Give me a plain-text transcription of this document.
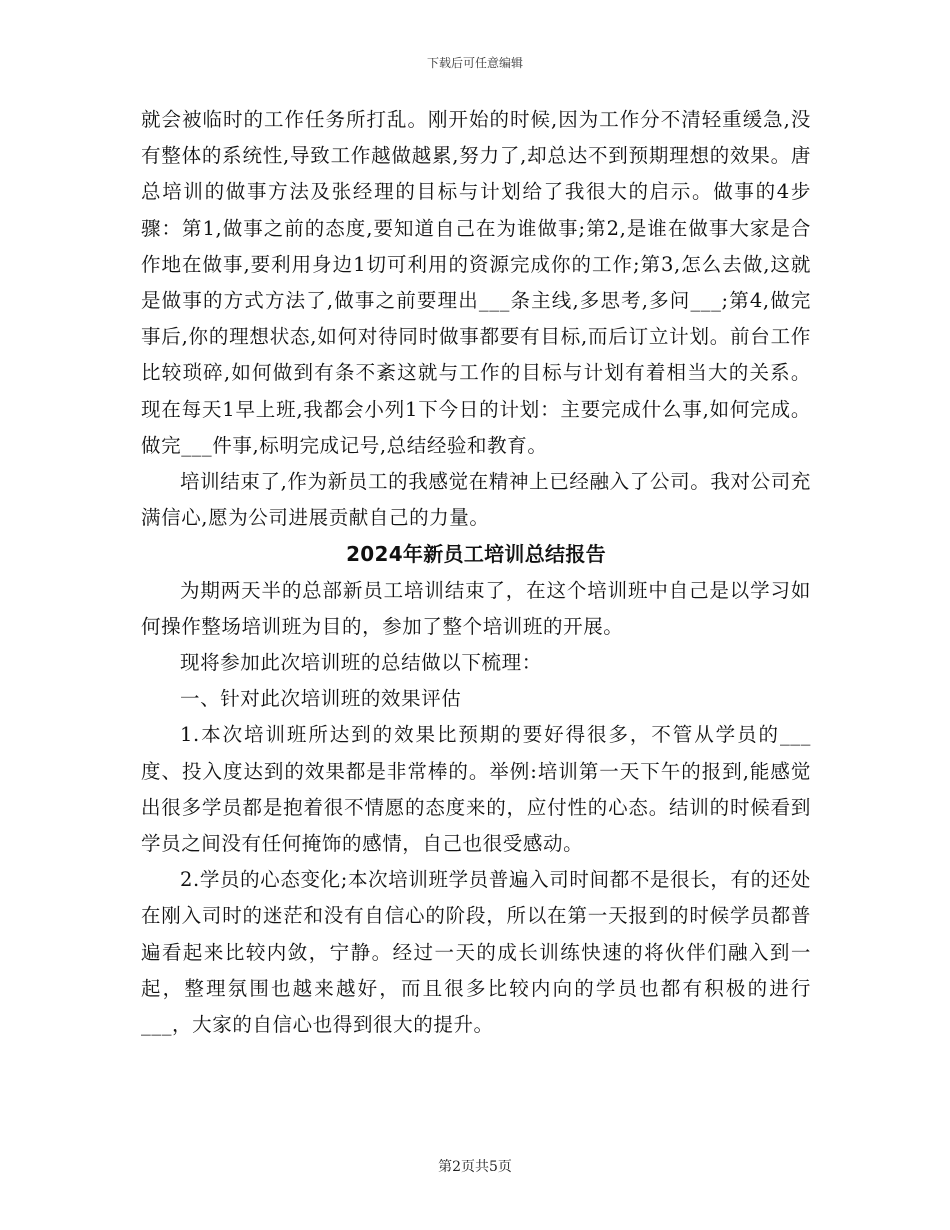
下载后可任意编辑

就会被临时的工作任务所打乱。刚开始的时候,因为工作分不清轻重缓急,没有整体的系统性,导致工作越做越累,努力了,却总达不到预期理想的效果。唐总培训的做事方法及张经理的目标与计划给了我很大的启示。做事的4步骤：第1,做事之前的态度,要知道自己在为谁做事;第2,是谁在做事大家是合作地在做事,要利用身边1切可利用的资源完成你的工作;第3,怎么去做,这就是做事的方式方法了,做事之前要理出___条主线,多思考,多问___;第4,做完事后,你的理想状态,如何对待同时做事都要有目标,而后订立计划。前台工作比较琐碎,如何做到有条不紊这就与工作的目标与计划有着相当大的关系。现在每天1早上班,我都会小列1下今日的计划：主要完成什么事,如何完成。做完___件事,标明完成记号,总结经验和教育。

培训结束了,作为新员工的我感觉在精神上已经融入了公司。我对公司充满信心,愿为公司进展贡献自己的力量。

2024年新员工培训总结报告

为期两天半的总部新员工培训结束了，在这个培训班中自己是以学习如何操作整场培训班为目的，参加了整个培训班的开展。

现将参加此次培训班的总结做以下梳理：

一、针对此次培训班的效果评估

1.本次培训班所达到的效果比预期的要好得很多，不管从学员的___度、投入度达到的效果都是非常棒的。举例:培训第一天下午的报到,能感觉出很多学员都是抱着很不情愿的态度来的，应付性的心态。结训的时候看到学员之间没有任何掩饰的感情，自己也很受感动。

2.学员的心态变化;本次培训班学员普遍入司时间都不是很长，有的还处在刚入司时的迷茫和没有自信心的阶段，所以在第一天报到的时候学员都普遍看起来比较内敛，宁静。经过一天的成长训练快速的将伙伴们融入到一起，整理氛围也越来越好，而且很多比较内向的学员也都有积极的进行___，大家的自信心也得到很大的提升。

第2页共5页
